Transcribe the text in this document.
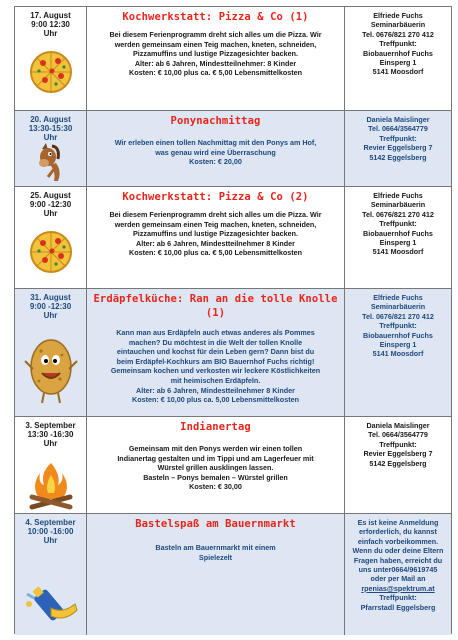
17. August
9:00 12:30
Uhr
Kochwerkstatt: Pizza & Co (1)
Bei diesem Ferienprogramm dreht sich alles um die Pizza. Wir
werden gemeinsam einen Teig machen, kneten, schneiden,
Pizzamuffins und lustige Pizzagesichter backen.
Alter: ab 6 Jahren, Mindestteilnehmer: 8 Kinder
Kosten: € 10,00 plus ca. € 5,00 Lebensmittelkosten
Elfriede Fuchs
Seminarbäuerin
Tel. 0676/821 270 412
Treffpunkt:
Biobauernhof Fuchs
Einsperg 1
5141 Moosdorf
20. August
13:30-15:30
Uhr
Ponynachmittag
Wir erleben einen tollen Nachmittag mit den Ponys am Hof,
was genau wird eine Überraschung
Kosten: € 20,00
Daniela Maislinger
Tel. 0664/3564779
Treffpunkt:
Revier Eggelsberg 7
5142 Eggelsberg
25. August
9:00 -12:30
Uhr
Kochwerkstatt: Pizza & Co (2)
Bei diesem Ferienprogramm dreht sich alles um die Pizza. Wir
werden gemeinsam einen Teig machen, kneten, schneiden,
Pizzamuffins und lustige Pizzagesichter backen.
Alter: ab 6 Jahren, Mindestteilnehmer 8 Kinder
Kosten: € 10,00 plus ca. € 5,00 Lebensmittelkosten
Elfriede Fuchs
Seminarbäuerin
Tel. 0676/821 270 412
Treffpunkt:
Biobauernhof Fuchs
Einsperg 1
5141 Moosdorf
31. August
9:00 -12:30
Uhr
Erdäpfelküche: Ran an die tolle Knolle (1)
Kann man aus Erdäpfeln auch etwas anderes als Pommes
machen? Du möchtest in die Welt der tollen Knolle
eintauchen und kochst für dein Leben gern? Dann bist du
beim Erdäpfel-Kochkurs am BIO Bauernhof Fuchs richtig!
Gemeinsam kochen und verkosten wir leckere Köstlichkeiten
mit heimischen Erdäpfeln.
Alter: ab 6 Jahren, Mindestteilnehmer 8 Kinder
Kosten: € 10,00 plus ca. 5,00 Lebensmittelkosten
Elfriede Fuchs
Seminarbäuerin
Tel. 0676/821 270 412
Treffpunkt:
Biobauernhof Fuchs
Einsperg 1
5141 Moosdorf
3. September
13:30 -16:30
Uhr
Indianertag
Gemeinsam mit den Ponys werden wir einen tollen
Indianertag gestalten und im Tippi und am Lagerfeuer mit
Würstel grillen ausklingen lassen.
Basteln – Ponys bemalen – Würstel grillen
Kosten: € 30,00
Daniela Maislinger
Tel. 0664/3564779
Treffpunkt:
Revier Eggelsberg 7
5142 Eggelsberg
4. September
10:00 -16:00
Uhr
Bastelspaß am Bauernmarkt
Basteln am Bauernmarkt mit einem
Spielezelt
Es ist keine Anmeldung
erforderlich, du kannst
einfach vorbeikommen.
Wenn du oder deine Eltern
Fragen haben, erreicht du
uns unter0664/9619745
oder per Mail an
rpenias@spektrum.at
Treffpunkt:
Pfarrstadl Eggelsberg
